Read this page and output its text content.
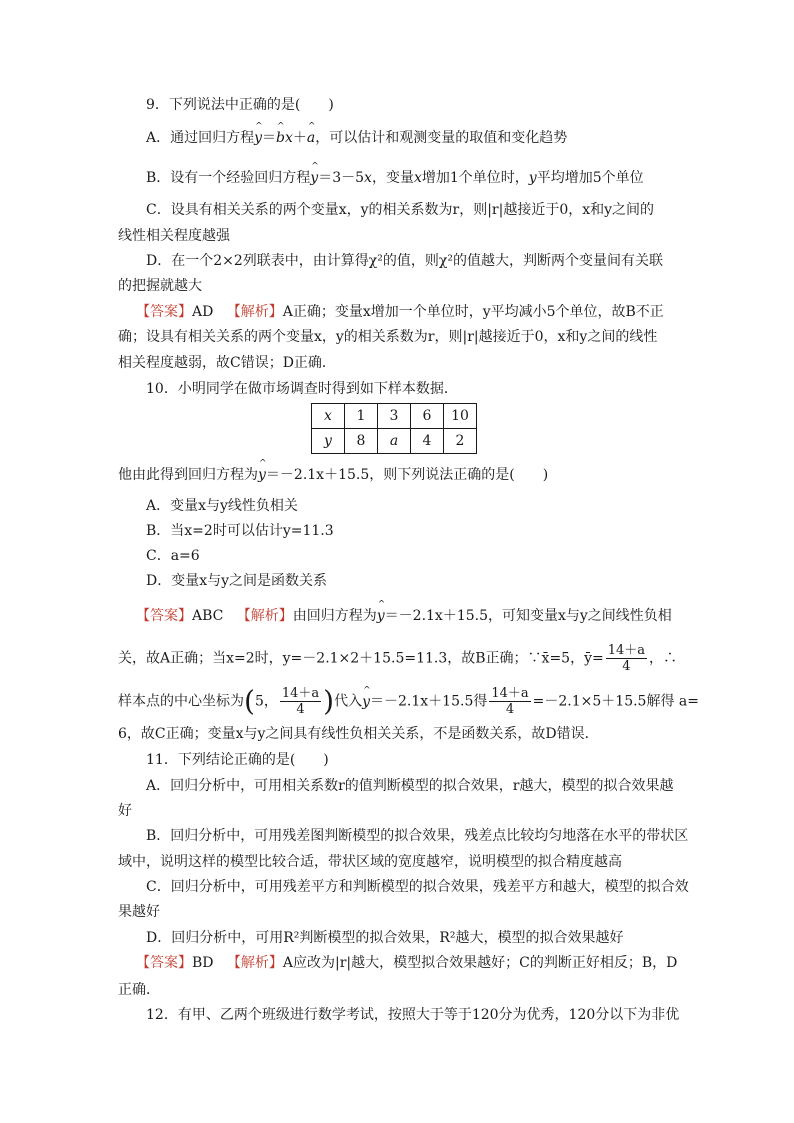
9．下列说法中正确的是(　　)
A．通过回归方程^ y＝^ bx＋^ a，可以估计和观测变量的取值和变化趋势
B．设有一个经验回归方程^ y＝3－5x，变量x增加1个单位时，y平均增加5个单位
C．设具有相关关系的两个变量x，y的相关系数为r，则|r|越接近于0，x和y之间的
线性相关程度越强
D．在一个2×2列联表中，由计算得χ²的值，则χ²的值越大，判断两个变量间有关联
的把握就越大
【答案】AD 【解析】A正确；变量x增加一个单位时，y平均减小5个单位，故B不正
确；设具有相关关系的两个变量x，y的相关系数为r，则|r|越接近于0，x和y之间的线性
相关程度越弱，故C错误；D正确．
10．小明同学在做市场调查时得到如下样本数据．
x	1	3	6	10
y	8	a	4	2
他由此得到回归方程为^ y＝－2.1x＋15.5，则下列说法正确的是(　　)
A．变量x与y线性负相关
B．当x=2时可以估计y=11.3
C．a=6
D．变量x与y之间是函数关系
【答案】ABC 【解析】由回归方程为^ y＝－2.1x＋15.5，可知变量x与y之间线性负相
关，故A正确；当x=2时，y=－2.1×2＋15.5=11.3，故B正确；∵x̄=5，ȳ= $\frac{14+a}{4}$ ，∴
样本点的中心坐标为(5， $\frac{14+a}{4}$ )代入^ y＝－2.1x＋15.5得 $\frac{14+a}{4} =-2.1\times 5+15.5$解得 a=
6，故C正确；变量x与y之间具有线性负相关关系，不是函数关系，故D错误．
11．下列结论正确的是(　　)
A．回归分析中，可用相关系数r的值判断模型的拟合效果，r越大，模型的拟合效果越
好
B．回归分析中，可用残差图判断模型的拟合效果，残差点比较均匀地落在水平的带状区
域中，说明这样的模型比较合适，带状区域的宽度越窄，说明模型的拟合精度越高
C．回归分析中，可用残差平方和判断模型的拟合效果，残差平方和越大，模型的拟合效
果越好
D．回归分析中，可用R²判断模型的拟合效果，R²越大，模型的拟合效果越好
【答案】BD 【解析】A应改为|r|越大，模型拟合效果越好；C的判断正好相反；B，D
正确．
12．有甲、乙两个班级进行数学考试，按照大于等于120分为优秀，120分以下为非优
